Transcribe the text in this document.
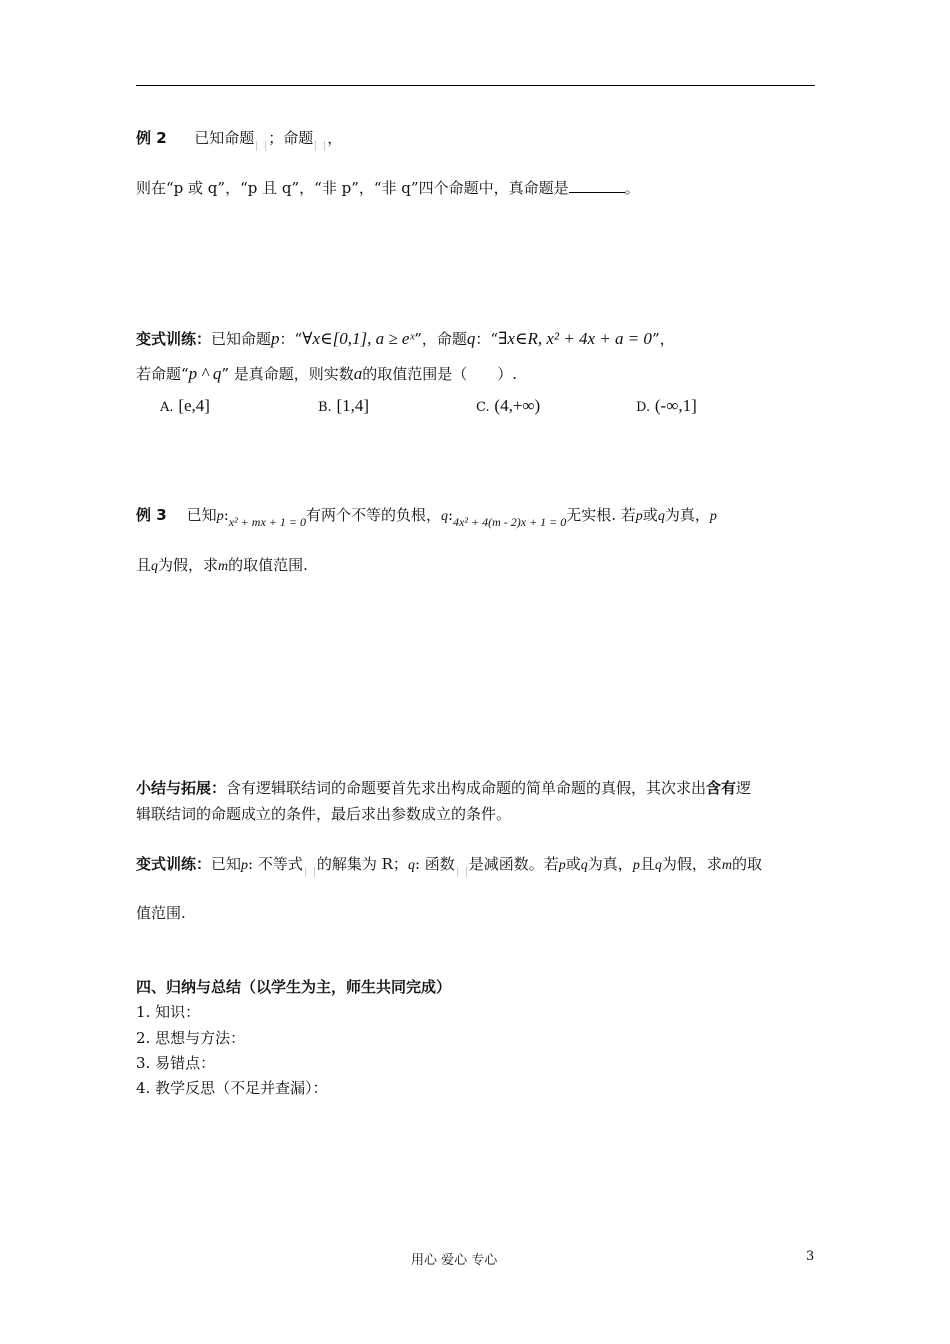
例 2 已知命题 ；命题 ，
则在“p 或 q”，“p 且 q”，“非 p”，“非 q”四个命题中，真命题是	。
变式训练：已知命题p：“∀x∈[0,1], a ≥ eˣ”，命题q：“∃x∈R, x² + 4x + a = 0”，
若命题“p ^ q” 是真命题，则实数a的取值范围是（　　）.
A. [e,4]	B. [1,4]	C. (4,+∞)	D. (-∞,1]
例 3 已知$p:_{x^2 + mx + 1 = 0}$有两个不等的负根，$q:_{4x^2 + 4(m - 2)x + 1 = 0}$无实根. 若p或q为真，p
且q为假，求m的取值范围.
小结与拓展：含有逻辑联结词的命题要首先求出构成命题的简单命题的真假，其次求出含有逻
辑联结词的命题成立的条件，最后求出参数成立的条件。
变式训练：已知p: 不等式 的解集为 R；q: 函数 是减函数。若p或q为真，p且q为假，求m的取
值范围.
四、归纳与总结（以学生为主，师生共同完成）
1. 知识：
2. 思想与方法：
3. 易错点：
4. 教学反思（不足并查漏）：
用心 爱心 专心	3
